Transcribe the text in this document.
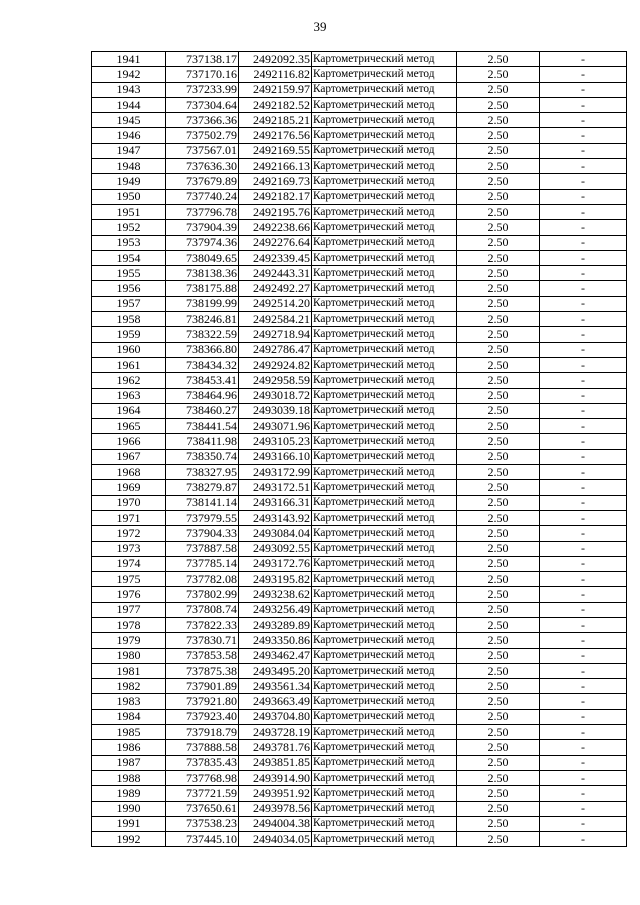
39
1941	737138.17	2492092.35	Картометрический метод	2.50	-
1942	737170.16	2492116.82	Картометрический метод	2.50	-
1943	737233.99	2492159.97	Картометрический метод	2.50	-
1944	737304.64	2492182.52	Картометрический метод	2.50	-
1945	737366.36	2492185.21	Картометрический метод	2.50	-
1946	737502.79	2492176.56	Картометрический метод	2.50	-
1947	737567.01	2492169.55	Картометрический метод	2.50	-
1948	737636.30	2492166.13	Картометрический метод	2.50	-
1949	737679.89	2492169.73	Картометрический метод	2.50	-
1950	737740.24	2492182.17	Картометрический метод	2.50	-
1951	737796.78	2492195.76	Картометрический метод	2.50	-
1952	737904.39	2492238.66	Картометрический метод	2.50	-
1953	737974.36	2492276.64	Картометрический метод	2.50	-
1954	738049.65	2492339.45	Картометрический метод	2.50	-
1955	738138.36	2492443.31	Картометрический метод	2.50	-
1956	738175.88	2492492.27	Картометрический метод	2.50	-
1957	738199.99	2492514.20	Картометрический метод	2.50	-
1958	738246.81	2492584.21	Картометрический метод	2.50	-
1959	738322.59	2492718.94	Картометрический метод	2.50	-
1960	738366.80	2492786.47	Картометрический метод	2.50	-
1961	738434.32	2492924.82	Картометрический метод	2.50	-
1962	738453.41	2492958.59	Картометрический метод	2.50	-
1963	738464.96	2493018.72	Картометрический метод	2.50	-
1964	738460.27	2493039.18	Картометрический метод	2.50	-
1965	738441.54	2493071.96	Картометрический метод	2.50	-
1966	738411.98	2493105.23	Картометрический метод	2.50	-
1967	738350.74	2493166.10	Картометрический метод	2.50	-
1968	738327.95	2493172.99	Картометрический метод	2.50	-
1969	738279.87	2493172.51	Картометрический метод	2.50	-
1970	738141.14	2493166.31	Картометрический метод	2.50	-
1971	737979.55	2493143.92	Картометрический метод	2.50	-
1972	737904.33	2493084.04	Картометрический метод	2.50	-
1973	737887.58	2493092.55	Картометрический метод	2.50	-
1974	737785.14	2493172.76	Картометрический метод	2.50	-
1975	737782.08	2493195.82	Картометрический метод	2.50	-
1976	737802.99	2493238.62	Картометрический метод	2.50	-
1977	737808.74	2493256.49	Картометрический метод	2.50	-
1978	737822.33	2493289.89	Картометрический метод	2.50	-
1979	737830.71	2493350.86	Картометрический метод	2.50	-
1980	737853.58	2493462.47	Картометрический метод	2.50	-
1981	737875.38	2493495.20	Картометрический метод	2.50	-
1982	737901.89	2493561.34	Картометрический метод	2.50	-
1983	737921.80	2493663.49	Картометрический метод	2.50	-
1984	737923.40	2493704.80	Картометрический метод	2.50	-
1985	737918.79	2493728.19	Картометрический метод	2.50	-
1986	737888.58	2493781.76	Картометрический метод	2.50	-
1987	737835.43	2493851.85	Картометрический метод	2.50	-
1988	737768.98	2493914.90	Картометрический метод	2.50	-
1989	737721.59	2493951.92	Картометрический метод	2.50	-
1990	737650.61	2493978.56	Картометрический метод	2.50	-
1991	737538.23	2494004.38	Картометрический метод	2.50	-
1992	737445.10	2494034.05	Картометрический метод	2.50	-
